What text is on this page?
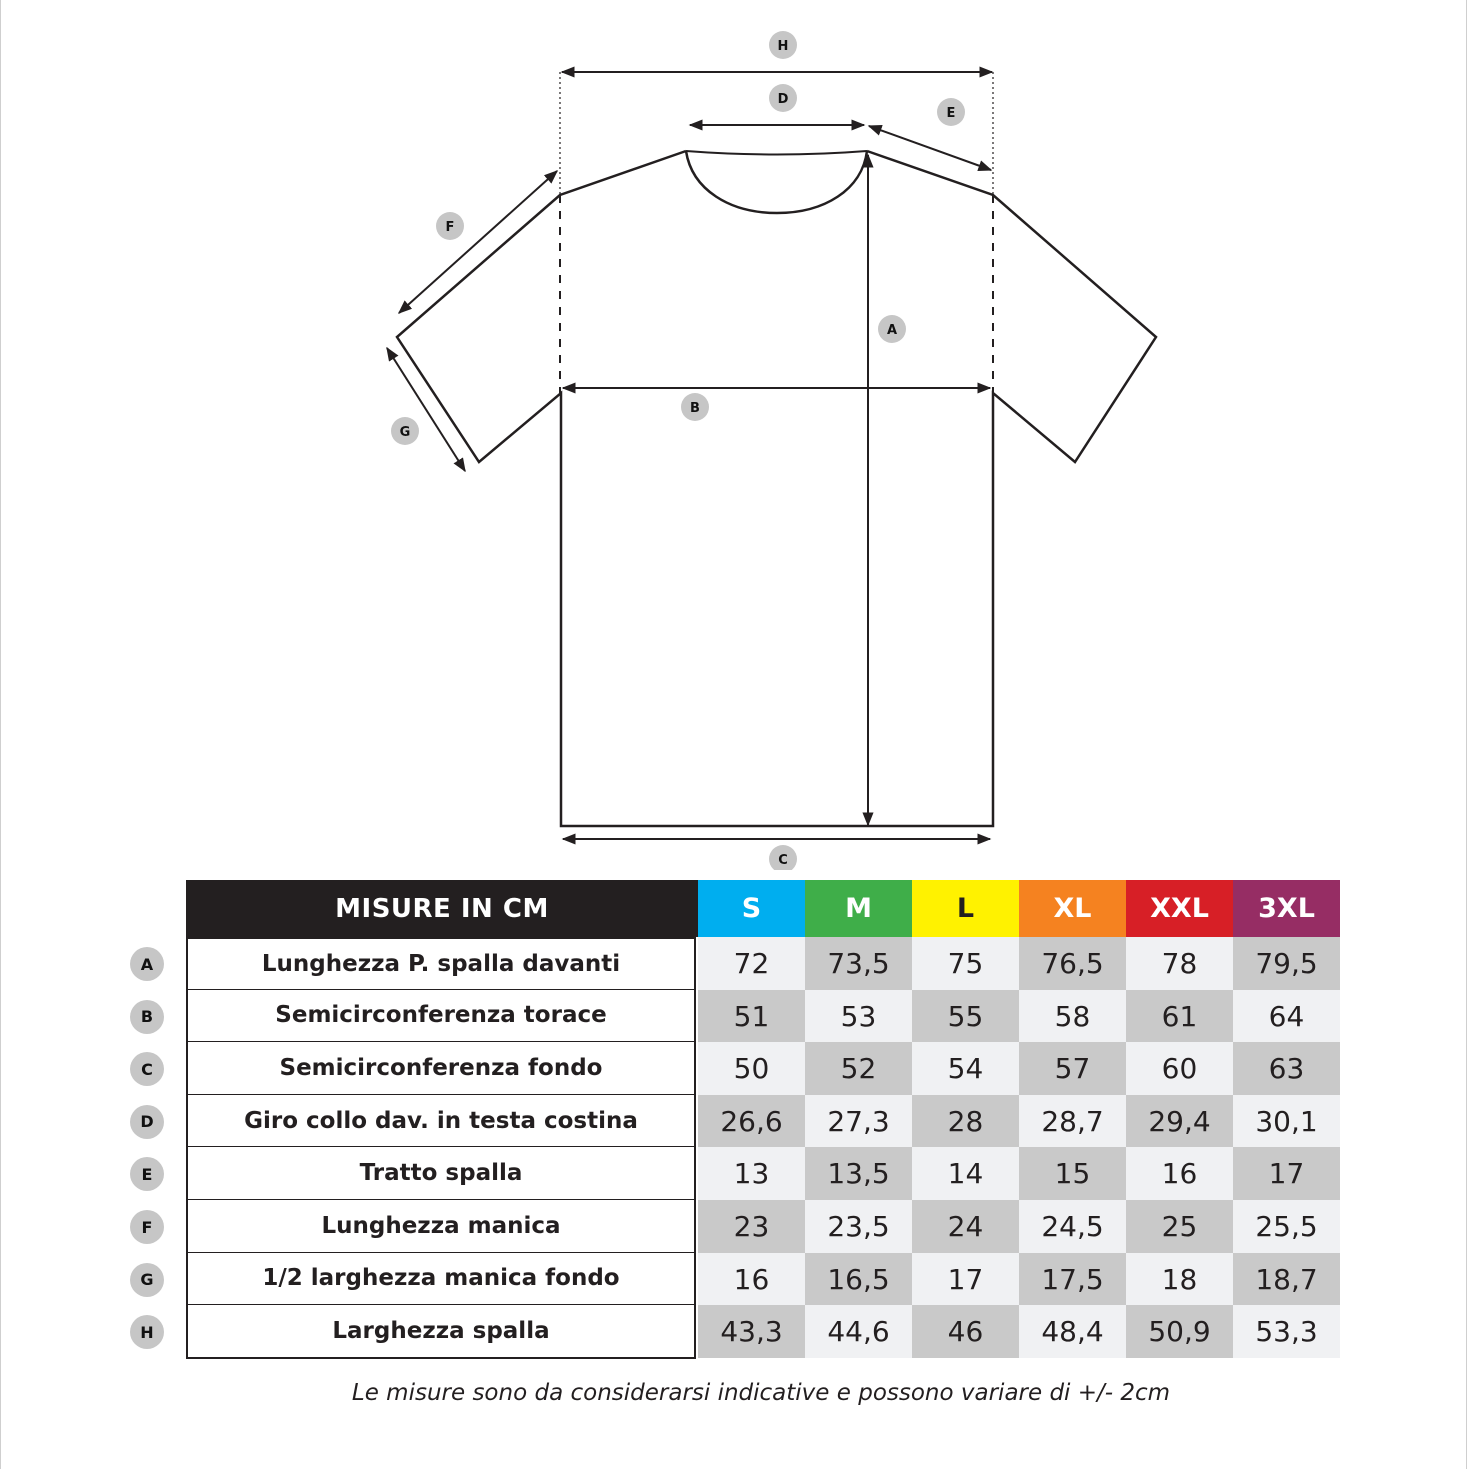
H
D
E
F
A
B
G
C
MISURE IN CM	S	M	L	XL	XXL	3XL
A	Lunghezza P. spalla davanti	72	73,5	75	76,5	78	79,5
B	Semicirconferenza torace	51	53	55	58	61	64
C	Semicirconferenza fondo	50	52	54	57	60	63
D	Giro collo dav. in testa costina	26,6	27,3	28	28,7	29,4	30,1
E	Tratto spalla	13	13,5	14	15	16	17
F	Lunghezza manica	23	23,5	24	24,5	25	25,5
G	1/2 larghezza manica fondo	16	16,5	17	17,5	18	18,7
H	Larghezza spalla	43,3	44,6	46	48,4	50,9	53,3
Le misure sono da considerarsi indicative e possono variare di +/- 2cm
